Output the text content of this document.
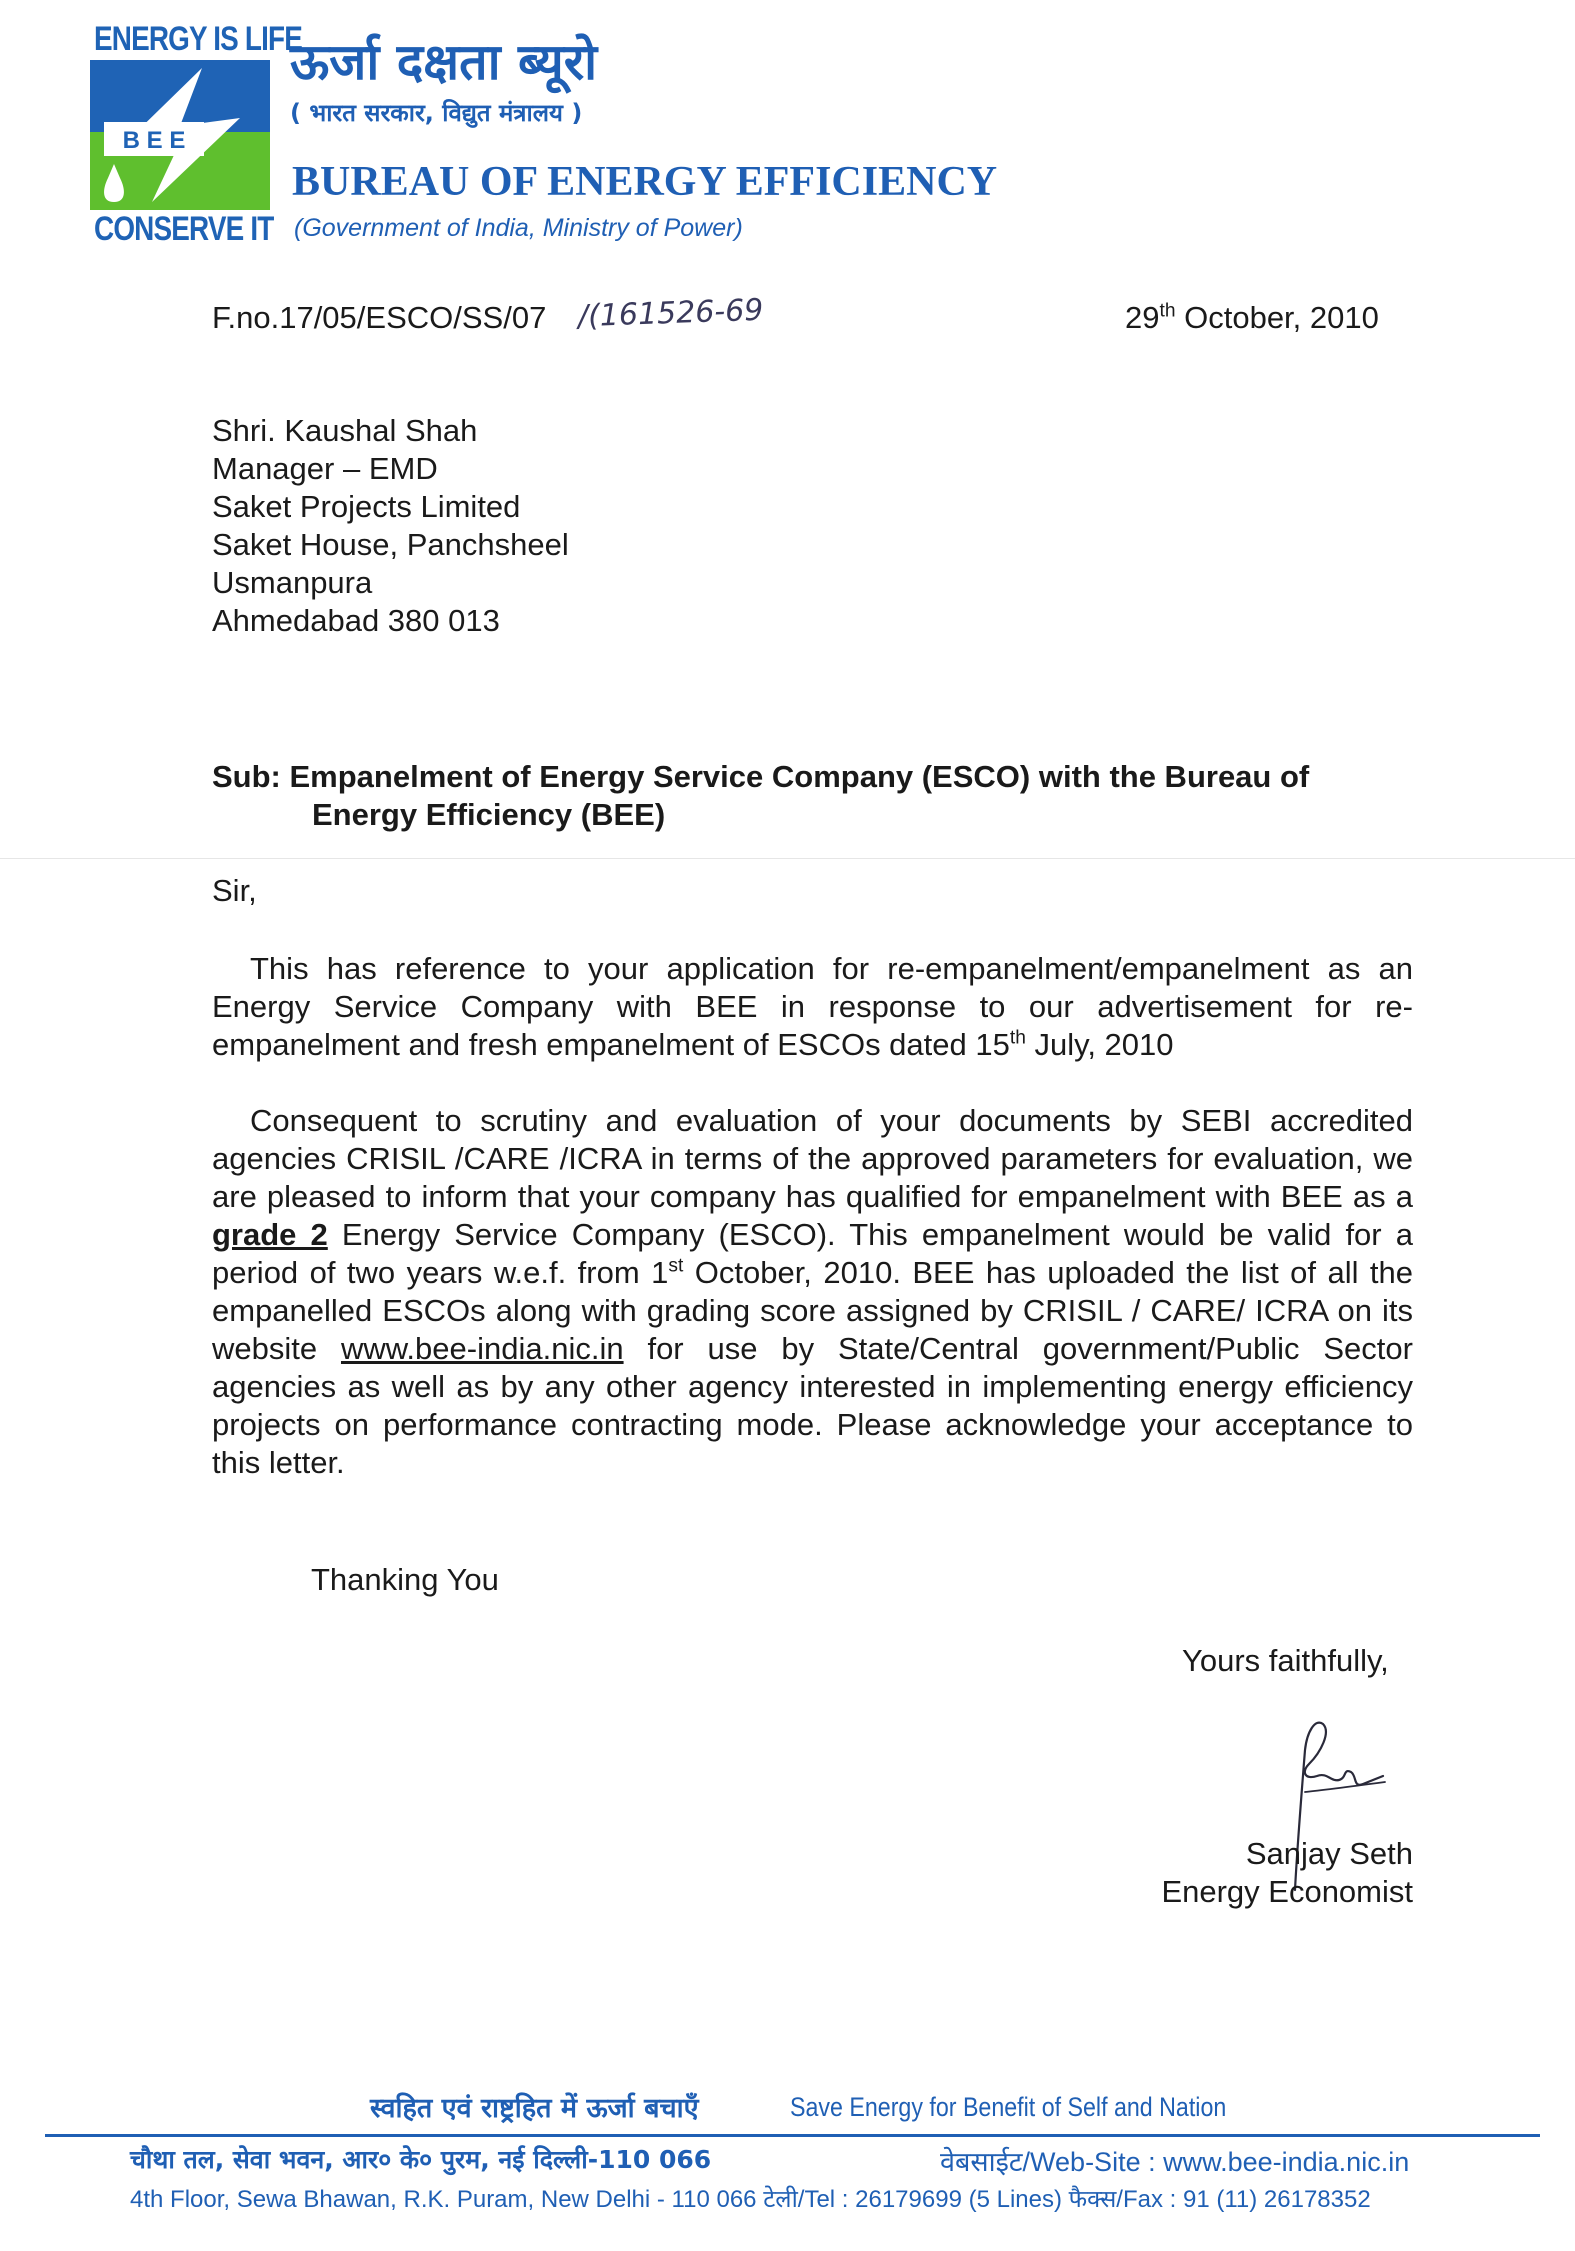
ENERGY IS LIFE
B E E
CONSERVE IT
ऊर्जा दक्षता ब्यूरो
( भारत सरकार, विद्युत मंत्रालय )
BUREAU OF ENERGY EFFICIENCY
(Government of India, Ministry of Power)
F.no.17/05/ESCO/SS/07 /(161526-69	29th October, 2010
Shri. Kaushal Shah
Manager – EMD
Saket Projects Limited
Saket House, Panchsheel
Usmanpura
Ahmedabad 380 013
Sub: Empanelment of Energy Service Company (ESCO) with the Bureau of
Energy Efficiency (BEE)
Sir,
This has reference to your application for re-empanelment/empanelment as an Energy Service Company with BEE in response to our advertisement for re-empanelment and fresh empanelment of ESCOs dated 15th July, 2010
Consequent to scrutiny and evaluation of your documents by SEBI accredited agencies CRISIL /CARE /ICRA in terms of the approved parameters for evaluation, we are pleased to inform that your company has qualified for empanelment with BEE as a grade 2 Energy Service Company (ESCO). This empanelment would be valid for a period of two years w.e.f. from 1st October, 2010. BEE has uploaded the list of all the empanelled ESCOs along with grading score assigned by CRISIL / CARE/ ICRA on its website www.bee-india.nic.in for use by State/Central government/Public Sector agencies as well as by any other agency interested in implementing energy efficiency projects on performance contracting mode. Please acknowledge your acceptance to this letter.
Thanking You
Yours faithfully,
Sanjay Seth
Energy Economist
स्वहित एवं राष्ट्रहित में ऊर्जा बचाएँ	Save Energy for Benefit of Self and Nation
चौथा तल, सेवा भवन, आर० के० पुरम, नई दिल्ली-110 066	वेबसाईट/Web-Site : www.bee-india.nic.in
4th Floor, Sewa Bhawan, R.K. Puram, New Delhi - 110 066 टेली/Tel : 26179699 (5 Lines) फैक्स/Fax : 91 (11) 26178352
